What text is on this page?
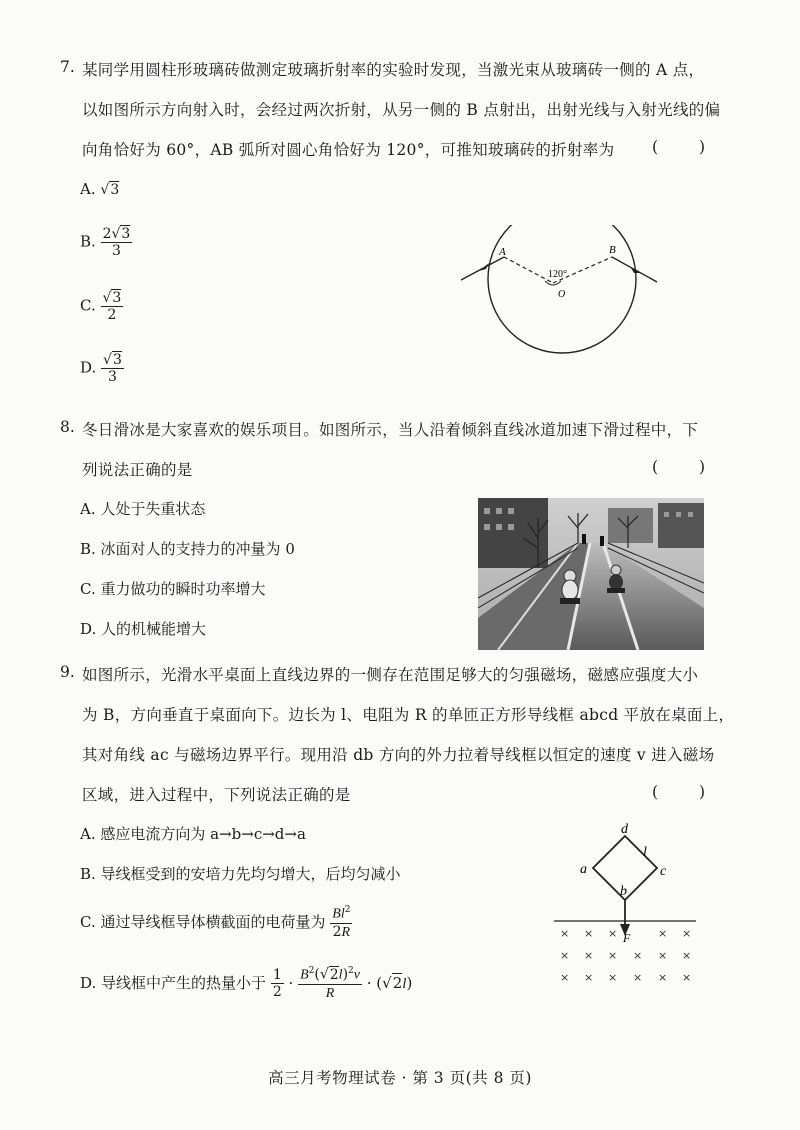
7. 某同学用圆柱形玻璃砖做测定玻璃折射率的实验时发现，当激光束从玻璃砖一侧的 A 点，
以如图所示方向射入时，会经过两次折射，从另一侧的 B 点射出，出射光线与入射光线的偏
向角恰好为 60°，AB 弧所对圆心角恰好为 120°，可推知玻璃砖的折射率为 ( )
A. √3
B. $\frac{2√3}{3}$
C. $\frac{√3}{2}$
D. $\frac{√3}{3}$
A	B
120°
O
8. 冬日滑冰是大家喜欢的娱乐项目。如图所示，当人沿着倾斜直线冰道加速下滑过程中，下
列说法正确的是	( )
A. 人处于失重状态
B. 冰面对人的支持力的冲量为 0
C. 重力做功的瞬时功率增大
D. 人的机械能增大
9. 如图所示，光滑水平桌面上直线边界的一侧存在范围足够大的匀强磁场，磁感应强度大小
为 B，方向垂直于桌面向下。边长为 l、电阻为 R 的单匝正方形导线框 abcd 平放在桌面上，
其对角线 ac 与磁场边界平行。现用沿 db 方向的外力拉着导线框以恒定的速度 v 进入磁场
区域，进入过程中，下列说法正确的是	( )
A. 感应电流方向为 a→b→c→d→a
B. 导线框受到的安培力先均匀增大，后均匀减小
C. 通过导线框导体横截面的电荷量为 $\frac{Bl^2}{2R}$
D. 导线框中产生的热量小于 $\frac{1}{2} \cdot \frac{B^2(√2l)^2v}{R} \cdot (√2l)$
d
a	c
b
l
F
× × ×	× ×
× × × × × ×
× × × × × ×
高三月考物理试卷 · 第 3 页(共 8 页)
